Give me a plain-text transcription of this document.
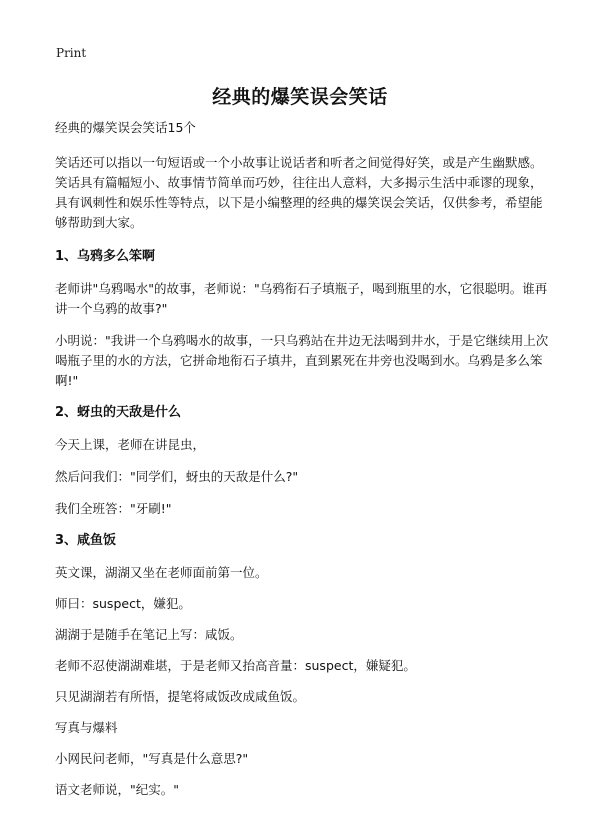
Print
经典的爆笑误会笑话

经典的爆笑误会笑话15个

笑话还可以指以一句短语或一个小故事让说话者和听者之间觉得好笑，或是产生幽默感。笑话具有篇幅短小、故事情节简单而巧妙，往往出人意料，大多揭示生活中乖谬的现象，具有讽刺性和娱乐性等特点，以下是小编整理的经典的爆笑误会笑话，仅供参考，希望能够帮助到大家。

1、乌鸦多么笨啊

老师讲"乌鸦喝水"的故事，老师说："乌鸦衔石子填瓶子，喝到瓶里的水，它很聪明。谁再讲一个乌鸦的故事?"

小明说："我讲一个乌鸦喝水的故事，一只乌鸦站在井边无法喝到井水，于是它继续用上次喝瓶子里的水的方法，它拼命地衔石子填井，直到累死在井旁也没喝到水。乌鸦是多么笨啊!"

2、蚜虫的天敌是什么

今天上课，老师在讲昆虫，

然后问我们："同学们，蚜虫的天敌是什么?"

我们全班答："牙刷!"

3、咸鱼饭

英文课，湖湖又坐在老师面前第一位。

师曰：suspect，嫌犯。

湖湖于是随手在笔记上写：咸饭。

老师不忍使湖湖难堪，于是老师又抬高音量：suspect，嫌疑犯。

只见湖湖若有所悟，提笔将咸饭改成咸鱼饭。

写真与爆料

小网民问老师，"写真是什么意思?"

语文老师说，"纪实。"
